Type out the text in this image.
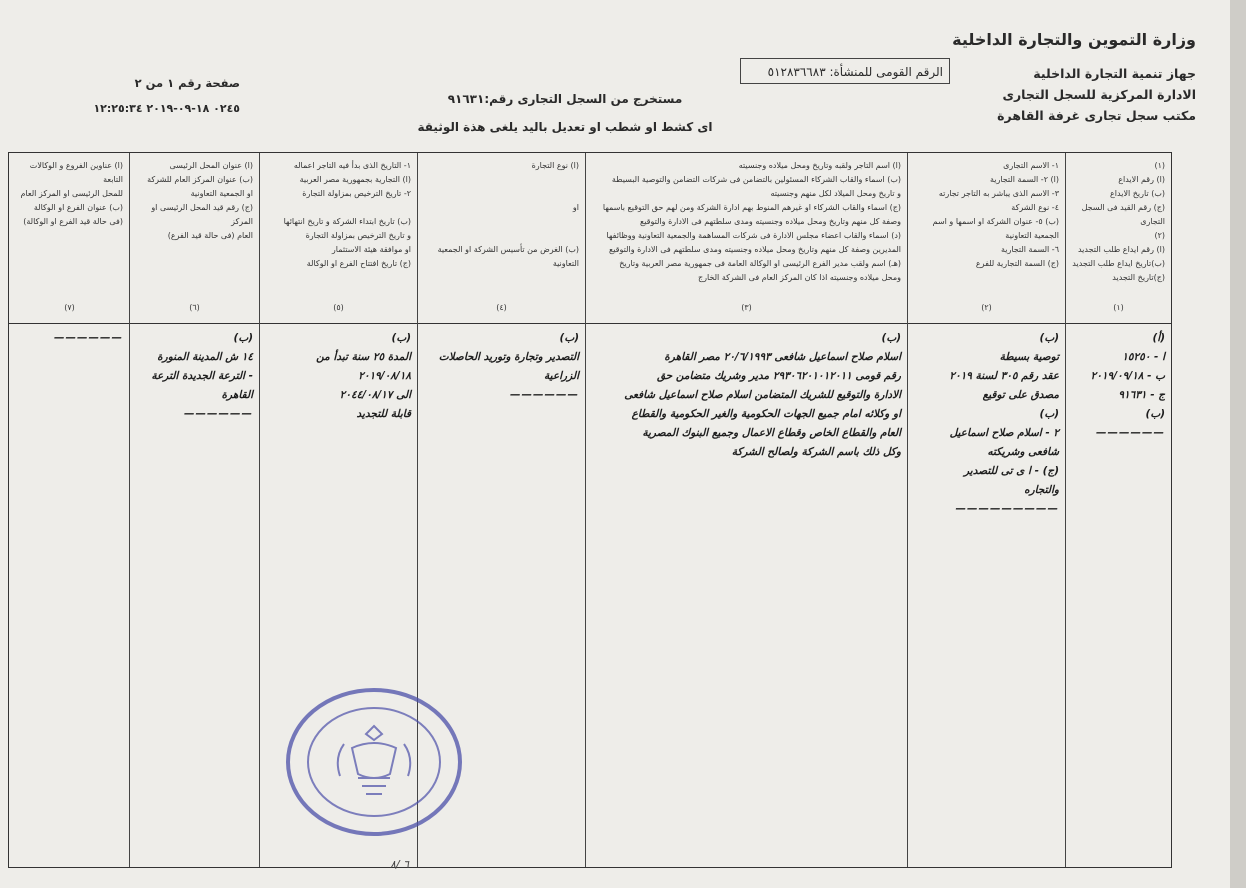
وزارة التموين والتجارة الداخلية
جهاز تنمية التجارة الداخلية
الادارة المركزية للسجل التجارى
مكتب سجل تجارى غرفة القاهرة
الرقم القومى للمنشأة: ٥١٢٨٣٦٦٨٣
مستخرج من السجل التجارى رقم:٩١٦٣١
اى كشط او شطب او تعديل باليد يلغى هذة الوثيقة
صفحة رقم ١ من ٢
٠٢٤٥ ١٨-٠٩-٢٠١٩ ١٢:٢٥:٣٤
(١)
(ا) رقم الايداع
(ب) تاريخ الايداع
(ج) رقم القيد فى السجل التجارى
(٢)
(ا) رقم ايداع طلب التجديد
(ب)تاريخ ايداع طلب التجديد
(ج)تاريخ التجديد
(١)
(أ)
ا - ١٥٢٥٠
ب - ٢٠١٩/٠٩/١٨
ج - ٩١٦٣١
(ب)
——————
١- الاسم التجارى
(ا) ٢- السمة التجارية
٣- الاسم الذى يباشر به التاجر تجارته
٤- نوع الشركة
(ب) ٥- عنوان الشركة او اسمها و اسم الجمعية التعاونية
٦- السمة التجارية
(ج) السمة التجارية للفرع
(٢)
(ب)
توصية بسيطة
عقد رقم ٣٠٥ لسنة ٢٠١٩
مصدق على توقيع
(ب)
٢ - اسلام صلاح اسماعيل
شافعى وشريكته
(ج) - ا ى تى للتصدير
والتجاره
—————————
(ا) اسم التاجر ولقبه وتاريخ ومحل ميلاده وجنسيته
(ب) اسماء والقاب الشركاء المسئولين بالتضامن فى شركات التضامن والتوصية البسيطة
و تاريخ ومحل الميلاد لكل منهم وجنسيته
(ج) اسماء والقاب الشركاء او غيرهم المنوط بهم ادارة الشركة ومن لهم حق التوقيع باسمها
وصفة كل منهم وتاريخ ومحل ميلاده وجنسيته ومدى سلطتهم فى الادارة والتوقيع
(د) اسماء والقاب اعضاء مجلس الادارة فى شركات المساهمة والجمعية التعاونية ووظائفها
المديرين وصفة كل منهم وتاريخ ومحل ميلاده وجنسيته ومدى سلطتهم فى الادارة والتوقيع
(هـ) اسم ولقب مدير الفرع الرئيسى او الوكالة العامة فى جمهورية مصر العربية وتاريخ
ومحل ميلاده وجنسيته اذا كان المركز العام فى الشركة الخارج
(٣)
(ب)
اسلام صلاح اسماعيل شافعى ٢٠/٦/١٩٩٣ مصر القاهرة
رقم قومى ٢٩٣٠٦٢٠١٠١٢٠١١ مدير وشريك متضامن حق
الادارة والتوقيع للشريك المتضامن اسلام صلاح اسماعيل شافعى
او وكلائه امام جميع الجهات الحكومية والغير الحكومية والقطاع
العام والقطاع الخاص وقطاع الاعمال وجميع البنوك المصرية
وكل ذلك باسم الشركة ولصالح الشركة
(ا) نوع التجارة

او

(ب) الغرض من تأسيس الشركة او الجمعية التعاونية
(٤)
(ب)
التصدير وتجارة وتوريد الحاصلات
الزراعية
——————
١- التاريخ الذى بدأ فيه التاجر اعماله
(ا) التجارية بجمهورية مصر العربية
٢- تاريخ الترخيص بمزاولة التجارة

(ب) تاريخ ابتداء الشركة و تاريخ انتهائها
و تاريخ الترخيص بمزاولة التجارة
او موافقة هيئة الاستثمار
(ج) تاريخ افتتاح الفرع او الوكالة
(٥)
(ب)
المدة ٢٥ سنة تبدأ من ٢٠١٩/٠٨/١٨
الى ٢٠٤٤/٠٨/١٧
قابلة للتجديد
(ا) عنوان المحل الرئيسى
(ب) عنوان المركز العام للشركة
او الجمعية التعاونية
(ج) رقم قيد المحل الرئيسى او المركز
العام (فى حالة قيد الفرع)
(٦)
(ب)
١٤ ش المدينة المنورة
- الترعة الجديدة الترعة
القاهرة
——————
(ا) عناوين الفروع و الوكالات التابعة
للمحل الرئيسى او المركز العام
(ب) عنوان الفرع او الوكالة
(فى حالة قيد الفرع او الوكالة)
(٧)
——————
٦ /٨
